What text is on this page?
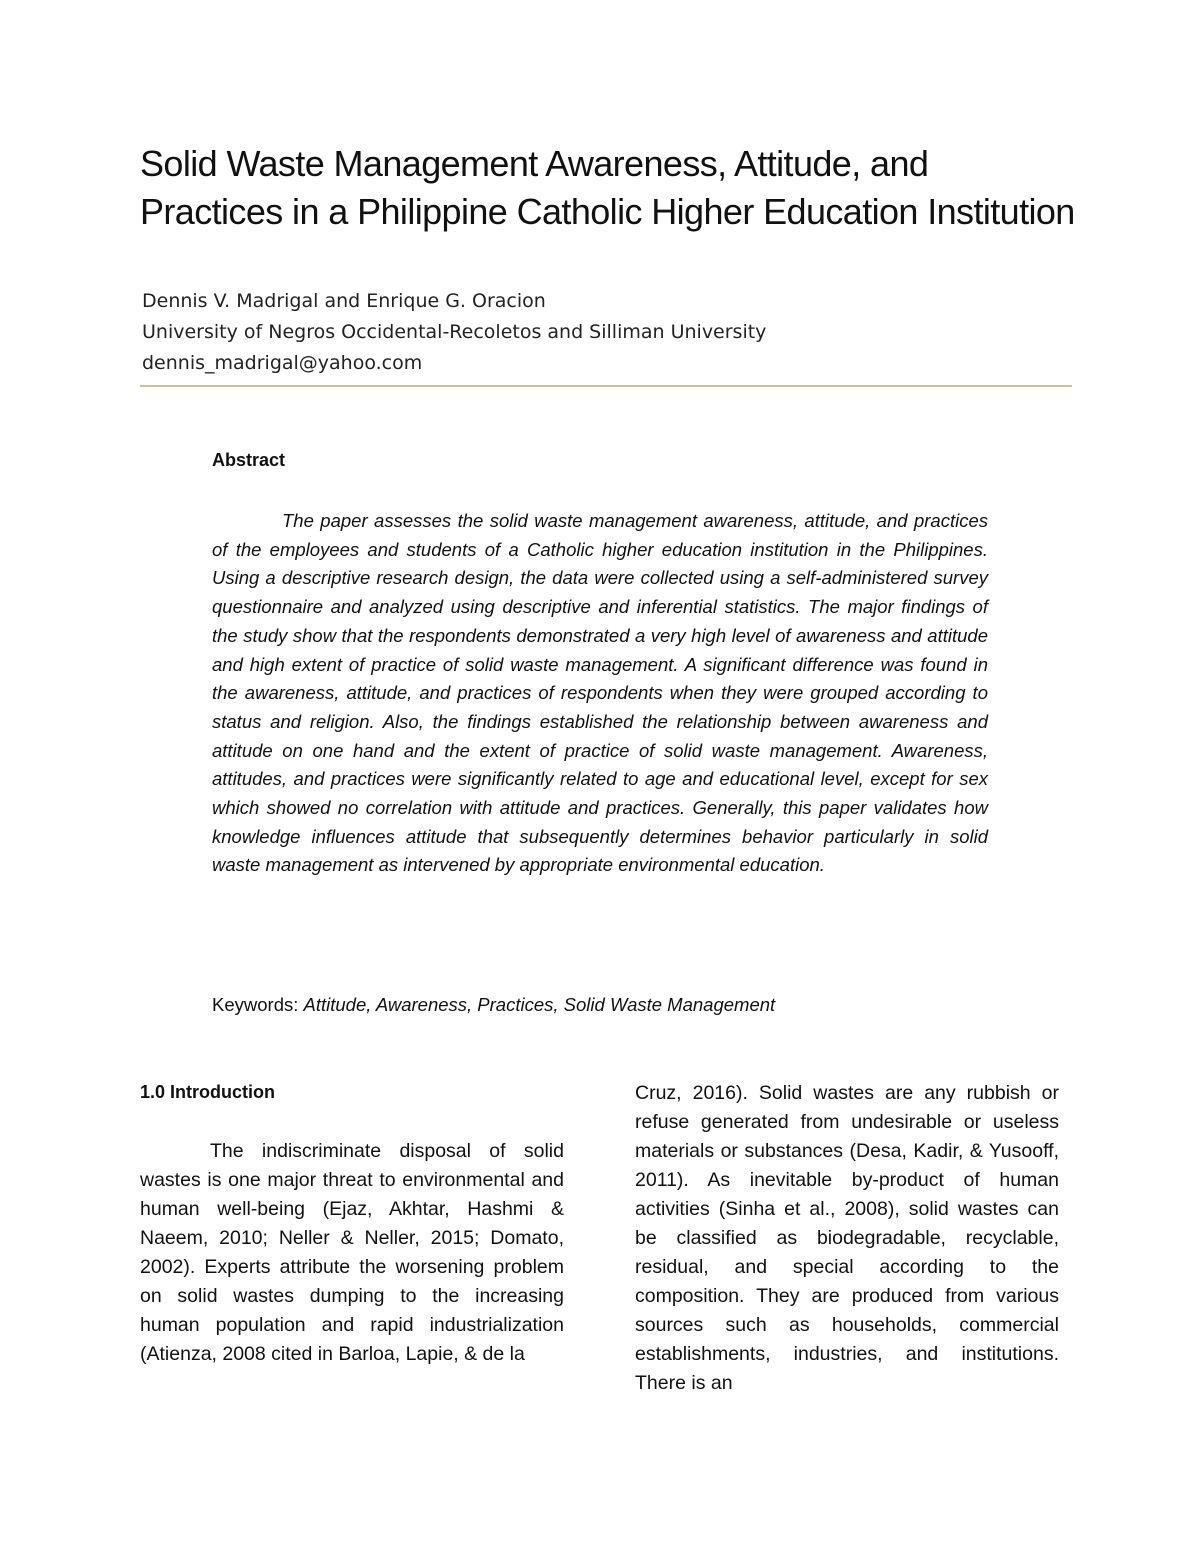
Solid Waste Management Awareness, Attitude, and Practices in a Philippine Catholic Higher Education Institution
Dennis V. Madrigal and Enrique G. Oracion
University of Negros Occidental-Recoletos and Silliman University
dennis_madrigal@yahoo.com
Abstract

The paper assesses the solid waste management awareness, attitude, and practices of the employees and students of a Catholic higher education institution in the Philippines. Using a descriptive research design, the data were collected using a self-administered survey questionnaire and analyzed using descriptive and inferential statistics. The major findings of the study show that the respondents demonstrated a very high level of awareness and attitude and high extent of practice of solid waste management. A significant difference was found in the awareness, attitude, and practices of respondents when they were grouped according to status and religion. Also, the findings established the relationship between awareness and attitude on one hand and the extent of practice of solid waste management. Awareness, attitudes, and practices were significantly related to age and educational level, except for sex which showed no correlation with attitude and practices. Generally, this paper validates how knowledge influences attitude that subsequently determines behavior particularly in solid waste management as intervened by appropriate environmental education.

Keywords: Attitude, Awareness, Practices, Solid Waste Management
1.0 Introduction

The indiscriminate disposal of solid wastes is one major threat to environmental and human well-being (Ejaz, Akhtar, Hashmi & Naeem, 2010; Neller & Neller, 2015; Domato, 2002). Experts attribute the worsening problem on solid wastes dumping to the increasing human population and rapid industrialization (Atienza, 2008 cited in Barloa, Lapie, & de la

Cruz, 2016). Solid wastes are any rubbish or refuse generated from undesirable or useless materials or substances (Desa, Kadir, & Yusooff, 2011). As inevitable by-product of human activities (Sinha et al., 2008), solid wastes can be classified as biodegradable, recyclable, residual, and special according to the composition. They are produced from various sources such as households, commercial establishments, industries, and institutions. There is an
